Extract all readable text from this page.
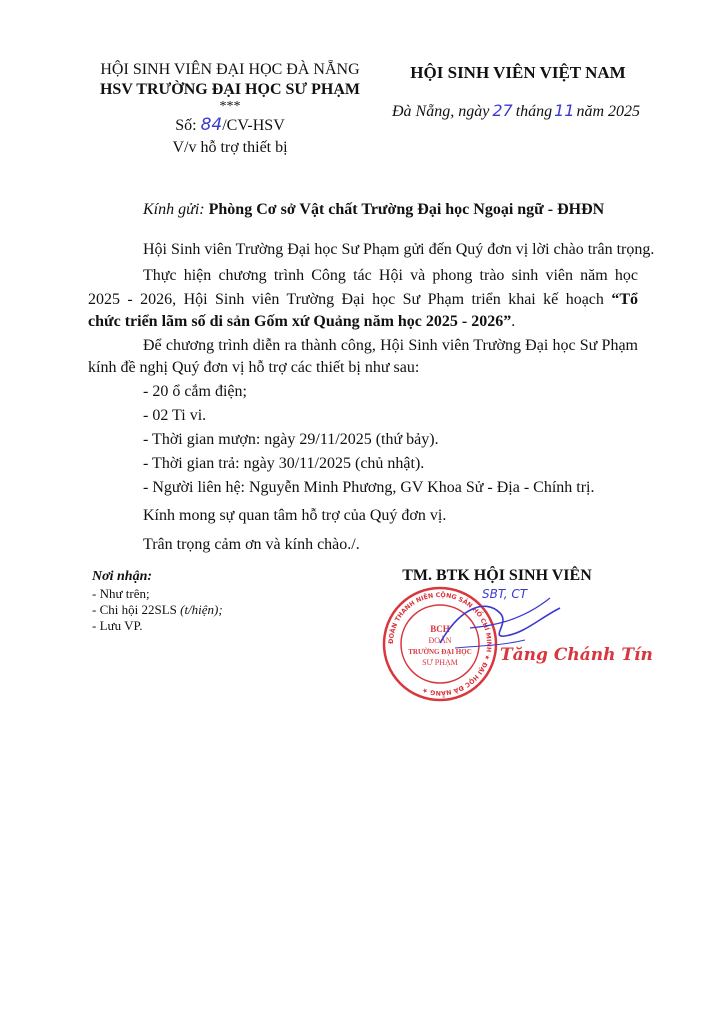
HỘI SINH VIÊN ĐẠI HỌC ĐÀ NẴNG
HSV TRƯỜNG ĐẠI HỌC SƯ PHẠM
***
Số: 84/CV-HSV
V/v hỗ trợ thiết bị
HỘI SINH VIÊN VIỆT NAM
Đà Nẵng, ngày 27 tháng 11 năm 2025
Kính gửi: Phòng Cơ sở Vật chất Trường Đại học Ngoại ngữ - ĐHĐN
Hội Sinh viên Trường Đại học Sư Phạm gửi đến Quý đơn vị lời chào trân trọng.
Thực hiện chương trình Công tác Hội và phong trào sinh viên năm học
2025 - 2026, Hội Sinh viên Trường Đại học Sư Phạm triển khai kế hoạch “Tổ
chức triển lãm số di sản Gốm xứ Quảng năm học 2025 - 2026”.
Để chương trình diễn ra thành công, Hội Sinh viên Trường Đại học Sư Phạm
kính đề nghị Quý đơn vị hỗ trợ các thiết bị như sau:
- 20 ổ cắm điện;
- 02 Ti vi.
- Thời gian mượn: ngày 29/11/2025 (thứ bảy).
- Thời gian trả: ngày 30/11/2025 (chủ nhật).
- Người liên hệ: Nguyễn Minh Phương, GV Khoa Sử - Địa - Chính trị.
Kính mong sự quan tâm hỗ trợ của Quý đơn vị.
Trân trọng cảm ơn và kính chào./.
Nơi nhận:
- Như trên;
- Chi hội 22SLS (t/hiện);
- Lưu VP.
TM. BTK HỘI SINH VIÊN
SBT, CT
ĐOÀN THANH NIÊN CỘNG SẢN HỒ CHÍ MINH ★ ĐẠI HỌC ĐÀ NẴNG ★
BCH
ĐOÀN
TRƯỜNG ĐẠI HỌC
SƯ PHẠM Tăng Chánh Tín
